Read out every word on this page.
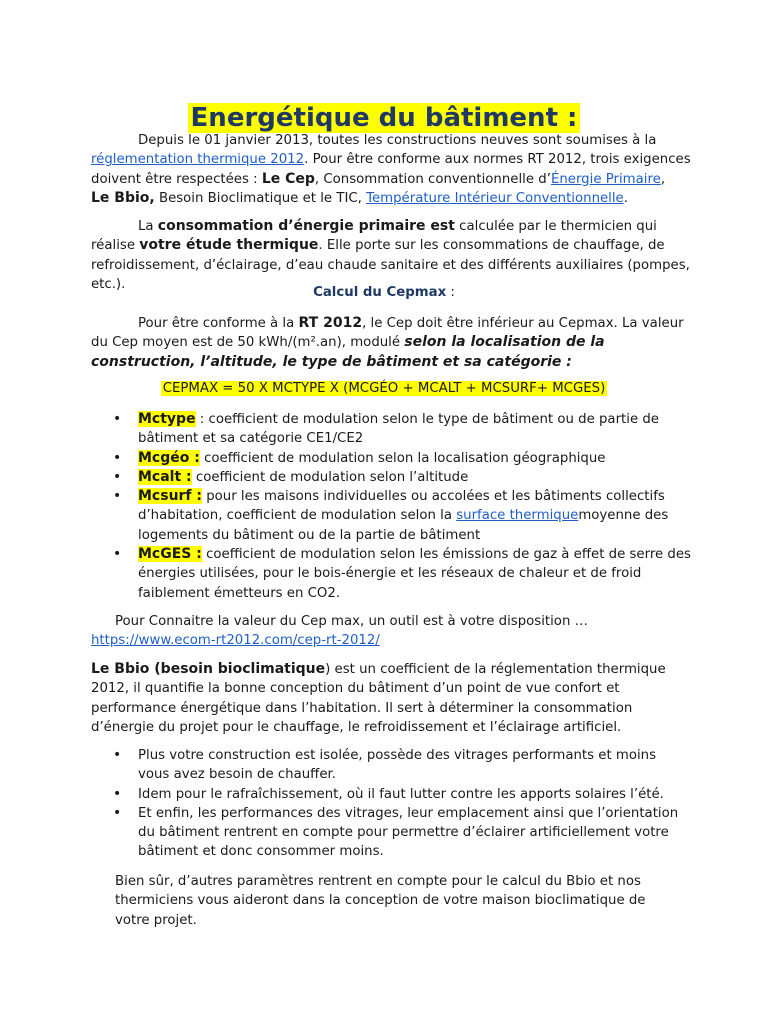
Energétique du bâtiment :

Depuis le 01 janvier 2013, toutes les constructions neuves sont soumises à la réglementation thermique 2012. Pour être conforme aux normes RT 2012, trois exigences doivent être respectées : Le Cep, Consommation conventionnelle d’Énergie Primaire,
Le Bbio, Besoin Bioclimatique et le TIC, Température Intérieur Conventionnelle.

La consommation d’énergie primaire est calculée par le thermicien qui réalise votre étude thermique. Elle porte sur les consommations de chauffage, de refroidissement, d’éclairage, d’eau chaude sanitaire et des différents auxiliaires (pompes, etc.).

Calcul du Cepmax :

Pour être conforme à la RT 2012, le Cep doit être inférieur au Cepmax. La valeur du Cep moyen est de 50 kWh/(m².an), modulé selon la localisation de la construction, l’altitude, le type de bâtiment et sa catégorie :

CEPMAX = 50 X MCTYPE X (MCGÉO + MCALT + MCSURF+ MCGES)

• Mctype : coefficient de modulation selon le type de bâtiment ou de partie de bâtiment et sa catégorie CE1/CE2
• Mcgéo : coefficient de modulation selon la localisation géographique
• Mcalt : coefficient de modulation selon l’altitude
• Mcsurf : pour les maisons individuelles ou accolées et les bâtiments collectifs d’habitation, coefficient de modulation selon la surface thermiquemoyenne des logements du bâtiment ou de la partie de bâtiment
• McGES : coefficient de modulation selon les émissions de gaz à effet de serre des énergies utilisées, pour le bois-énergie et les réseaux de chaleur et de froid faiblement émetteurs en CO2.

Pour Connaitre la valeur du Cep max, un outil est à votre disposition …

https://www.ecom-rt2012.com/cep-rt-2012/

Le Bbio (besoin bioclimatique) est un coefficient de la réglementation thermique 2012, il quantifie la bonne conception du bâtiment d’un point de vue confort et performance énergétique dans l’habitation. Il sert à déterminer la consommation d’énergie du projet pour le chauffage, le refroidissement et l’éclairage artificiel.

• Plus votre construction est isolée, possède des vitrages performants et moins vous avez besoin de chauffer.
• Idem pour le rafraîchissement, où il faut lutter contre les apports solaires l’été.
• Et enfin, les performances des vitrages, leur emplacement ainsi que l’orientation du bâtiment rentrent en compte pour permettre d’éclairer artificiellement votre bâtiment et donc consommer moins.

Bien sûr, d’autres paramètres rentrent en compte pour le calcul du Bbio et nos thermiciens vous aideront dans la conception de votre maison bioclimatique de votre projet.
